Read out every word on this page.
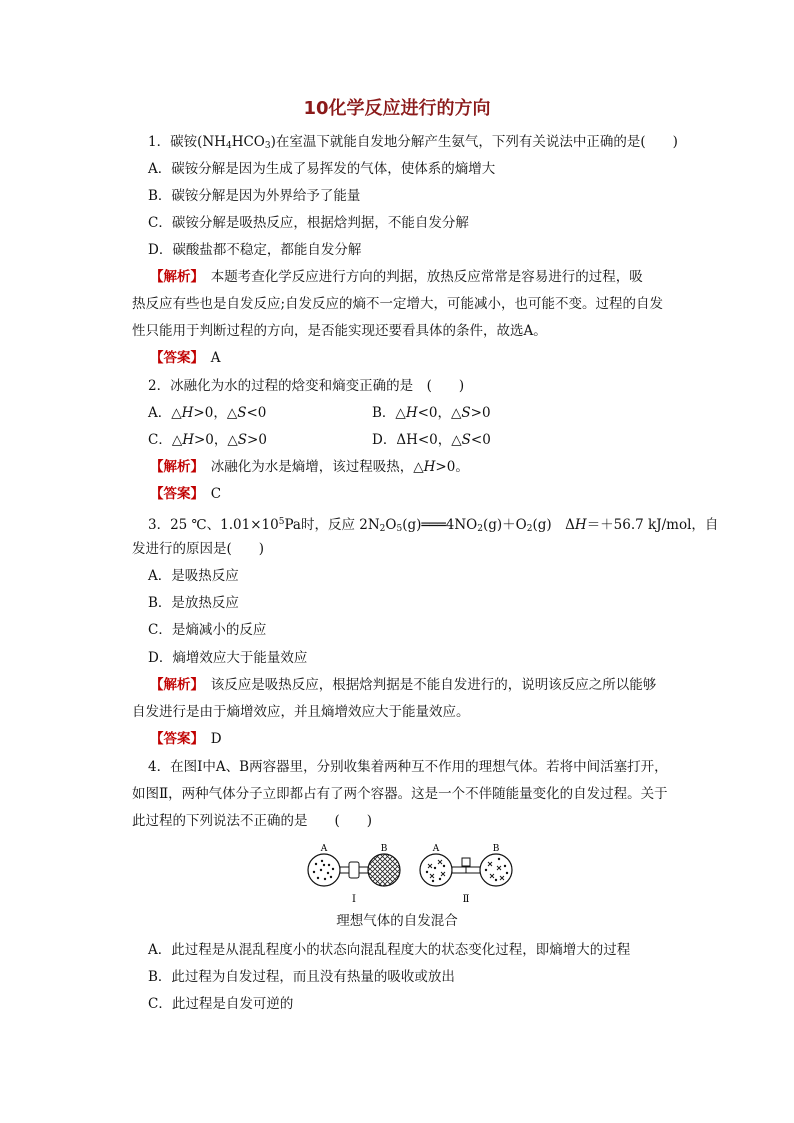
10化学反应进行的方向
1．碳铵$(NH_4HCO_3)$在室温下就能自发地分解产生氨气，下列有关说法中正确的是(　　)
A．碳铵分解是因为生成了易挥发的气体，使体系的熵增大
B．碳铵分解是因为外界给予了能量
C．碳铵分解是吸热反应，根据焓判据，不能自发分解
D．碳酸盐都不稳定，都能自发分解
【解析】　本题考查化学反应进行方向的判据，放热反应常常是容易进行的过程，吸
热反应有些也是自发反应;自发反应的熵不一定增大，可能减小，也可能不变。过程的自发
性只能用于判断过程的方向，是否能实现还要看具体的条件，故选A。
【答案】　 A
2．冰融化为水的过程的焓变和熵变正确的是　(　　)
A．△H>0，△S<0	B．△H<0，△S>0
C．△H>0，△S>0	D．ΔH<0，△S<0
【解析】　冰融化为水是熵增，该过程吸热，△H>0。
【答案】　 C
3．25 ℃、$1.01\times 10^5Pa$时，反应 $2N_2O_5(g)═══4NO_2(g)+O_2(g)$　ΔH＝＋56.7 kJ/mol，自
发进行的原因是(　　)
A．是吸热反应
B．是放热反应
C．是熵减小的反应
D．熵增效应大于能量效应
【解析】　该反应是吸热反应，根据焓判据是不能自发进行的，说明该反应之所以能够
自发进行是由于熵增效应，并且熵增效应大于能量效应。
【答案】　 D
4．在图Ⅰ中A、B两容器里，分别收集着两种互不作用的理想气体。若将中间活塞打开，
如图Ⅱ，两种气体分子立即都占有了两个容器。这是一个不伴随能量变化的自发过程。关于
此过程的下列说法不正确的是　　(　　)
A	B
Ⅰ
A	B
Ⅱ
理想气体的自发混合
A．此过程是从混乱程度小的状态向混乱程度大的状态变化过程，即熵增大的过程
B．此过程为自发过程，而且没有热量的吸收或放出
C．此过程是自发可逆的
